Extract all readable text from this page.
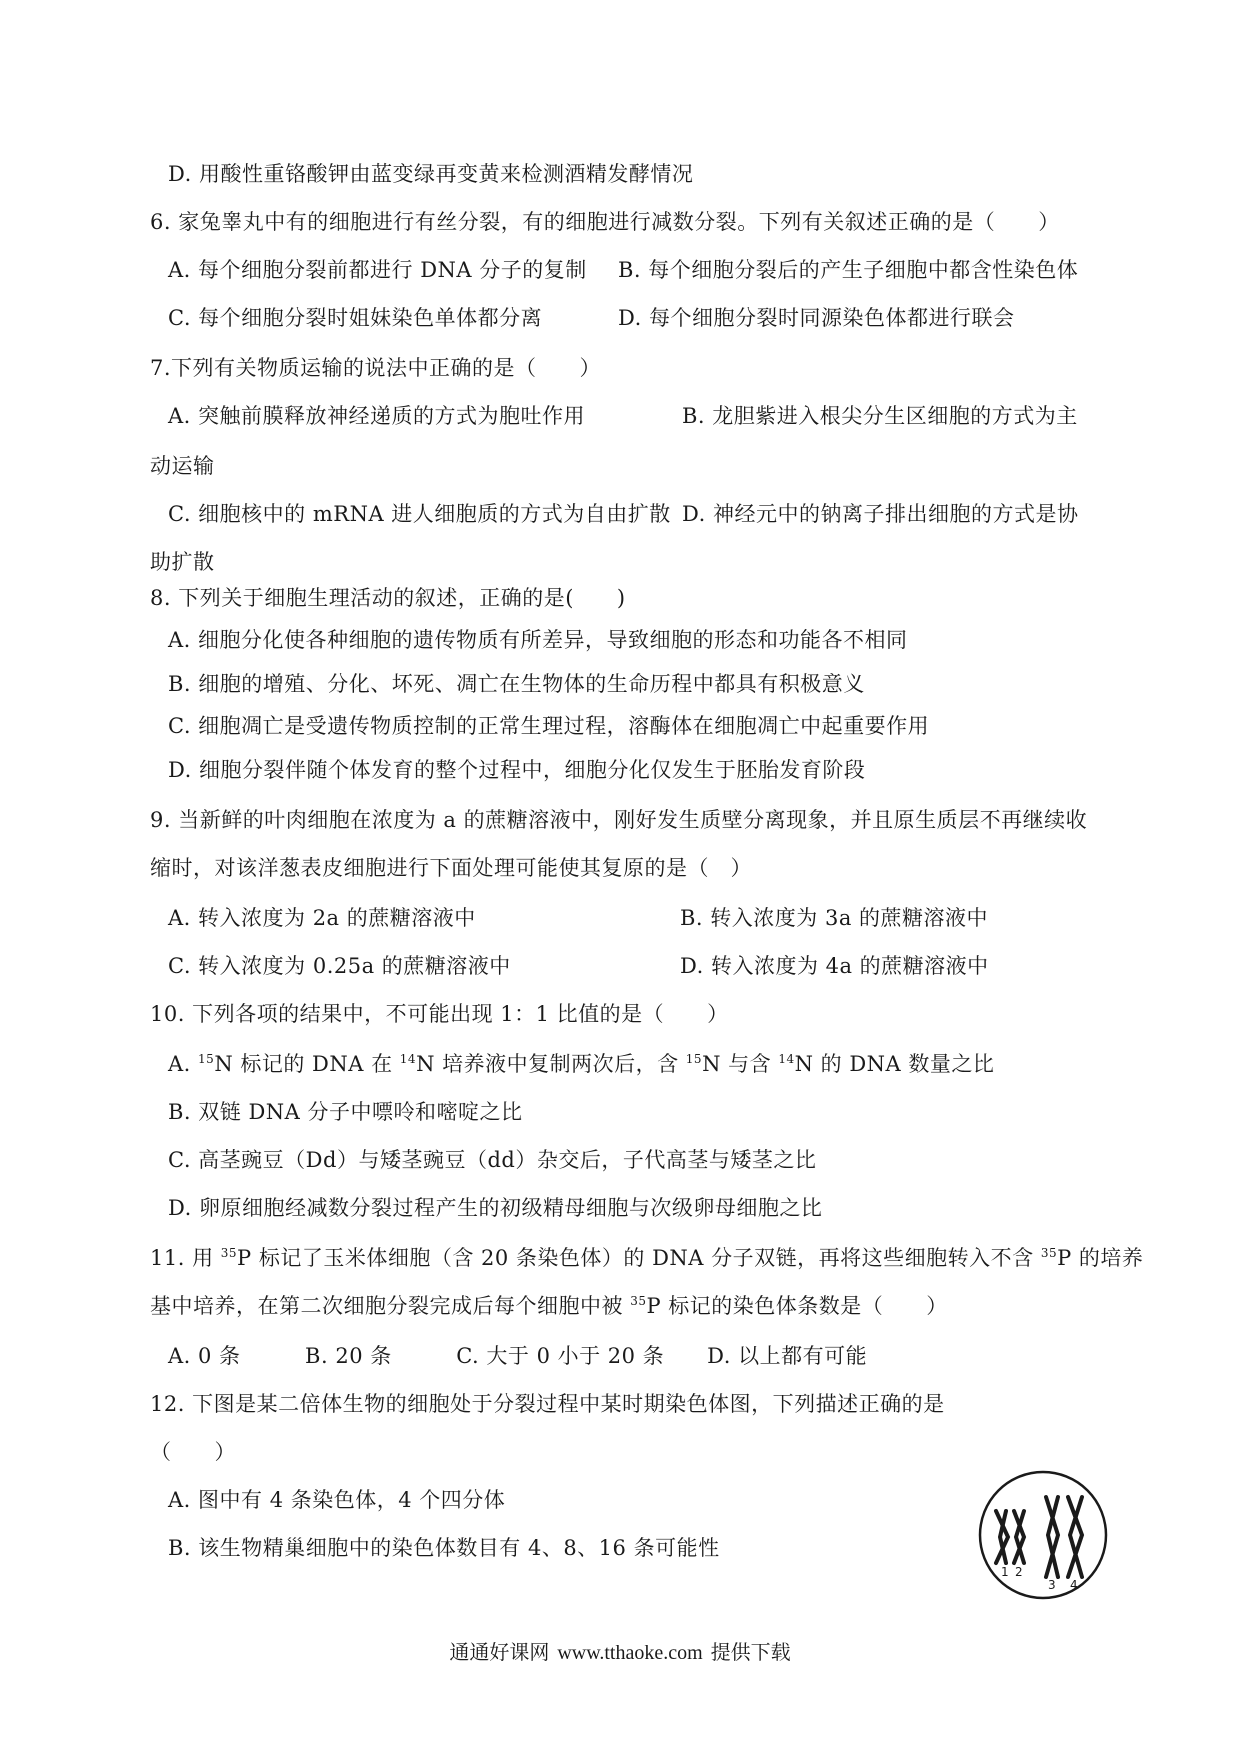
D. 用酸性重铬酸钾由蓝变绿再变黄来检测酒精发酵情况
6. 家兔睾丸中有的细胞进行有丝分裂，有的细胞进行减数分裂。下列有关叙述正确的是（　　）
A. 每个细胞分裂前都进行 DNA 分子的复制 B. 每个细胞分裂后的产生子细胞中都含性染色体
C. 每个细胞分裂时姐妹染色单体都分离	D. 每个细胞分裂时同源染色体都进行联会
7.下列有关物质运输的说法中正确的是（　　）
A. 突触前膜释放神经递质的方式为胞吐作用	B. 龙胆紫进入根尖分生区细胞的方式为主
动运输
C. 细胞核中的 mRNA 进人细胞质的方式为自由扩散 D. 神经元中的钠离子排出细胞的方式是协
助扩散
8. 下列关于细胞生理活动的叙述，正确的是(　　)
A. 细胞分化使各种细胞的遗传物质有所差异，导致细胞的形态和功能各不相同
B. 细胞的增殖、分化、坏死、凋亡在生物体的生命历程中都具有积极意义
C. 细胞凋亡是受遗传物质控制的正常生理过程，溶酶体在细胞凋亡中起重要作用
D. 细胞分裂伴随个体发育的整个过程中，细胞分化仅发生于胚胎发育阶段
9. 当新鲜的叶肉细胞在浓度为 a 的蔗糖溶液中，刚好发生质壁分离现象，并且原生质层不再继续收
缩时，对该洋葱表皮细胞进行下面处理可能使其复原的是（　）
A. 转入浓度为 2a 的蔗糖溶液中	B. 转入浓度为 3a 的蔗糖溶液中
C. 转入浓度为 0.25a 的蔗糖溶液中	D. 转入浓度为 4a 的蔗糖溶液中
10. 下列各项的结果中，不可能出现 1：1 比值的是（　　）
A. $^{15}$N 标记的 DNA 在 $^{14}$N 培养液中复制两次后，含 $^{15}$N 与含 $^{14}$N 的 DNA 数量之比
B. 双链 DNA 分子中嘌呤和嘧啶之比
C. 高茎豌豆（Dd）与矮茎豌豆（dd）杂交后，子代高茎与矮茎之比
D. 卵原细胞经减数分裂过程产生的初级精母细胞与次级卵母细胞之比
11. 用 $^{35}$P 标记了玉米体细胞（含 20 条染色体）的 DNA 分子双链，再将这些细胞转入不含 $^{35}$P 的培养
基中培养，在第二次细胞分裂完成后每个细胞中被 $^{35}$P 标记的染色体条数是（　　）
A. 0 条　　　B. 20 条　　　C. 大于 0 小于 20 条　　D. 以上都有可能
12. 下图是某二倍体生物的细胞处于分裂过程中某时期染色体图，下列描述正确的是
（　　）
A. 图中有 4 条染色体，4 个四分体
B. 该生物精巢细胞中的染色体数目有 4、8、16 条可能性
1 2
3 4
通通好课网 www.tthaoke.com 提供下载
